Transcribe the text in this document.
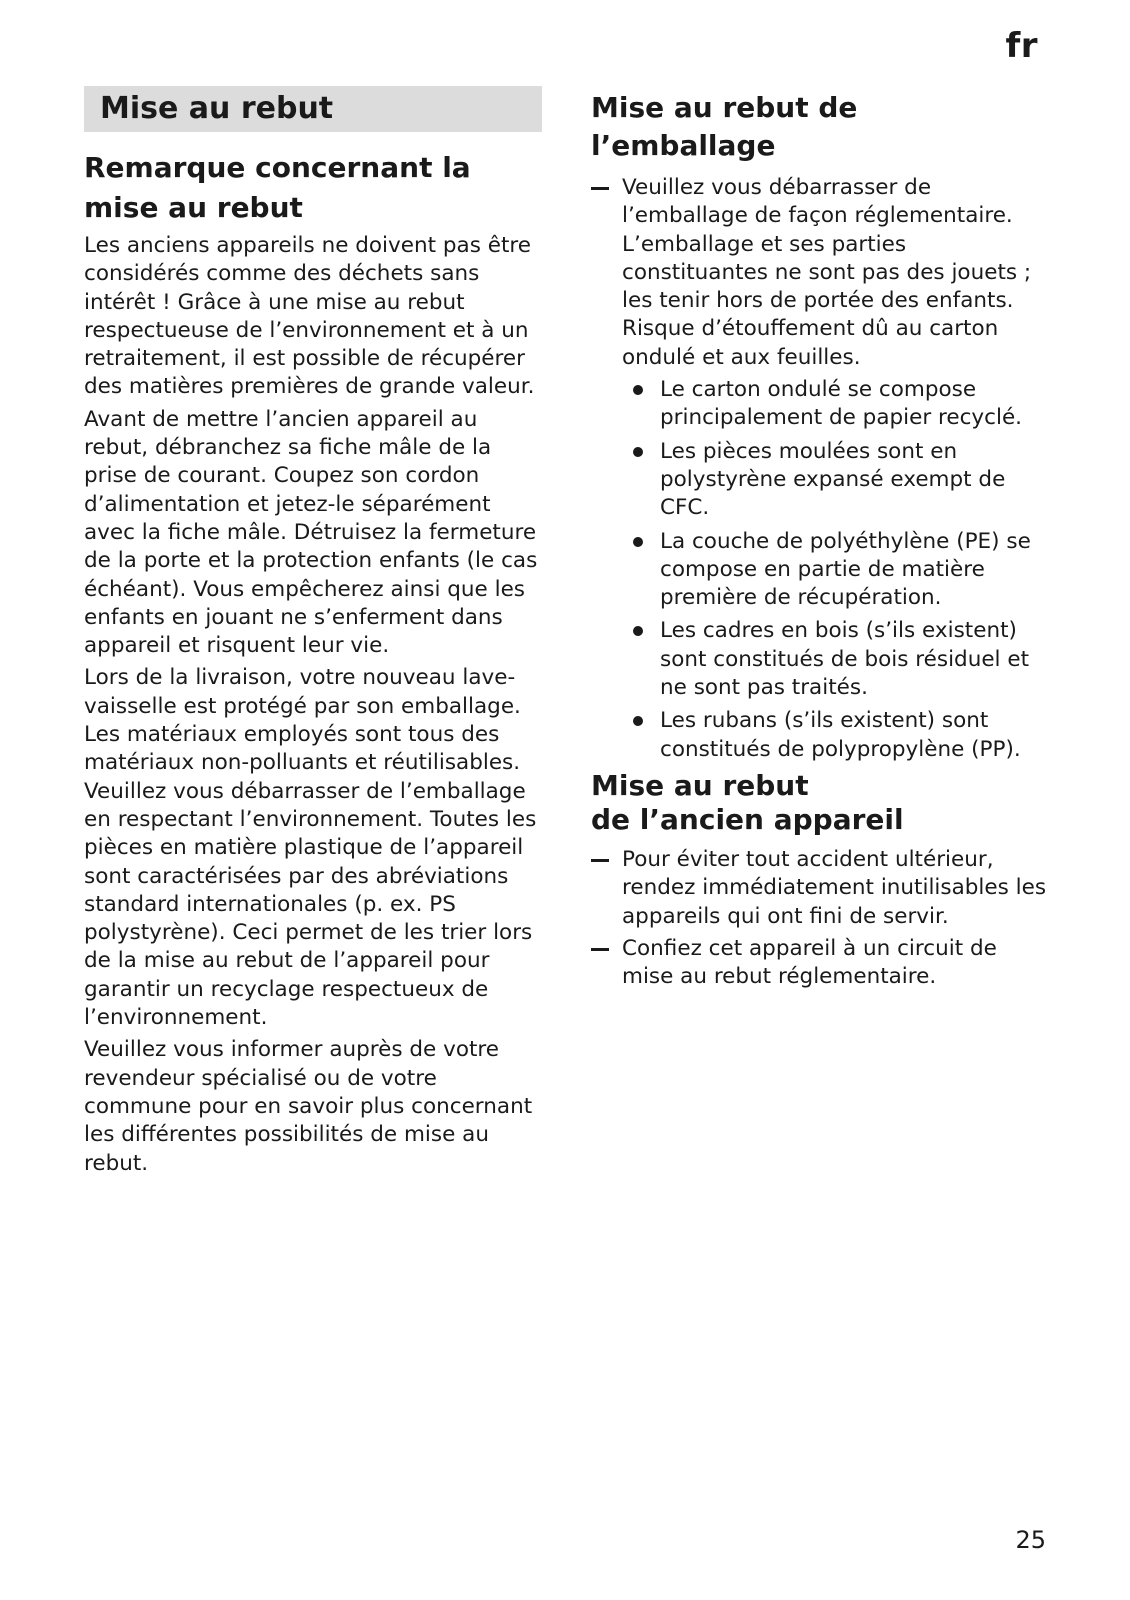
fr
Mise au rebut
Remarque concernant la mise au rebut

Les anciens appareils ne doivent pas être considérés comme des déchets sans intérêt ! Grâce à une mise au rebut respectueuse de l’environnement et à un retraitement, il est possible de récupérer des matières premières de grande valeur.

Avant de mettre l’ancien appareil au rebut, débranchez sa fiche mâle de la prise de courant. Coupez son cordon d’alimentation et jetez-le séparément avec la fiche mâle. Détruisez la fermeture de la porte et la protection enfants (le cas échéant). Vous empêcherez ainsi que les enfants en jouant ne s’enferment dans appareil et risquent leur vie.

Lors de la livraison, votre nouveau lave-vaisselle est protégé par son emballage. Les matériaux employés sont tous des matériaux non-polluants et réutilisables. Veuillez vous débarrasser de l’emballage en respectant l’environnement. Toutes les pièces en matière plastique de l’appareil sont caractérisées par des abréviations standard internationales (p. ex. PS polystyrène). Ceci permet de les trier lors de la mise au rebut de l’appareil pour garantir un recyclage respectueux de l’environnement.

Veuillez vous informer auprès de votre revendeur spécialisé ou de votre commune pour en savoir plus concernant les différentes possibilités de mise au rebut.

Mise au rebut de l’emballage
Veuillez vous débarrasser de l’emballage de façon réglementaire. L’emballage et ses parties constituantes ne sont pas des jouets ; les tenir hors de portée des enfants. Risque d’étouffement dû au carton ondulé et aux feuilles.
Le carton ondulé se compose principalement de papier recyclé.
Les pièces moulées sont en polystyrène expansé exempt de CFC.
La couche de polyéthylène (PE) se compose en partie de matière première de récupération.
Les cadres en bois (s’ils existent) sont constitués de bois résiduel et ne sont pas traités.
Les rubans (s’ils existent) sont constitués de polypropylène (PP).
Mise au rebut
de l’ancien appareil
Pour éviter tout accident ultérieur, rendez immédiatement inutilisables les appareils qui ont fini de servir.
Confiez cet appareil à un circuit de mise au rebut réglementaire.
25
